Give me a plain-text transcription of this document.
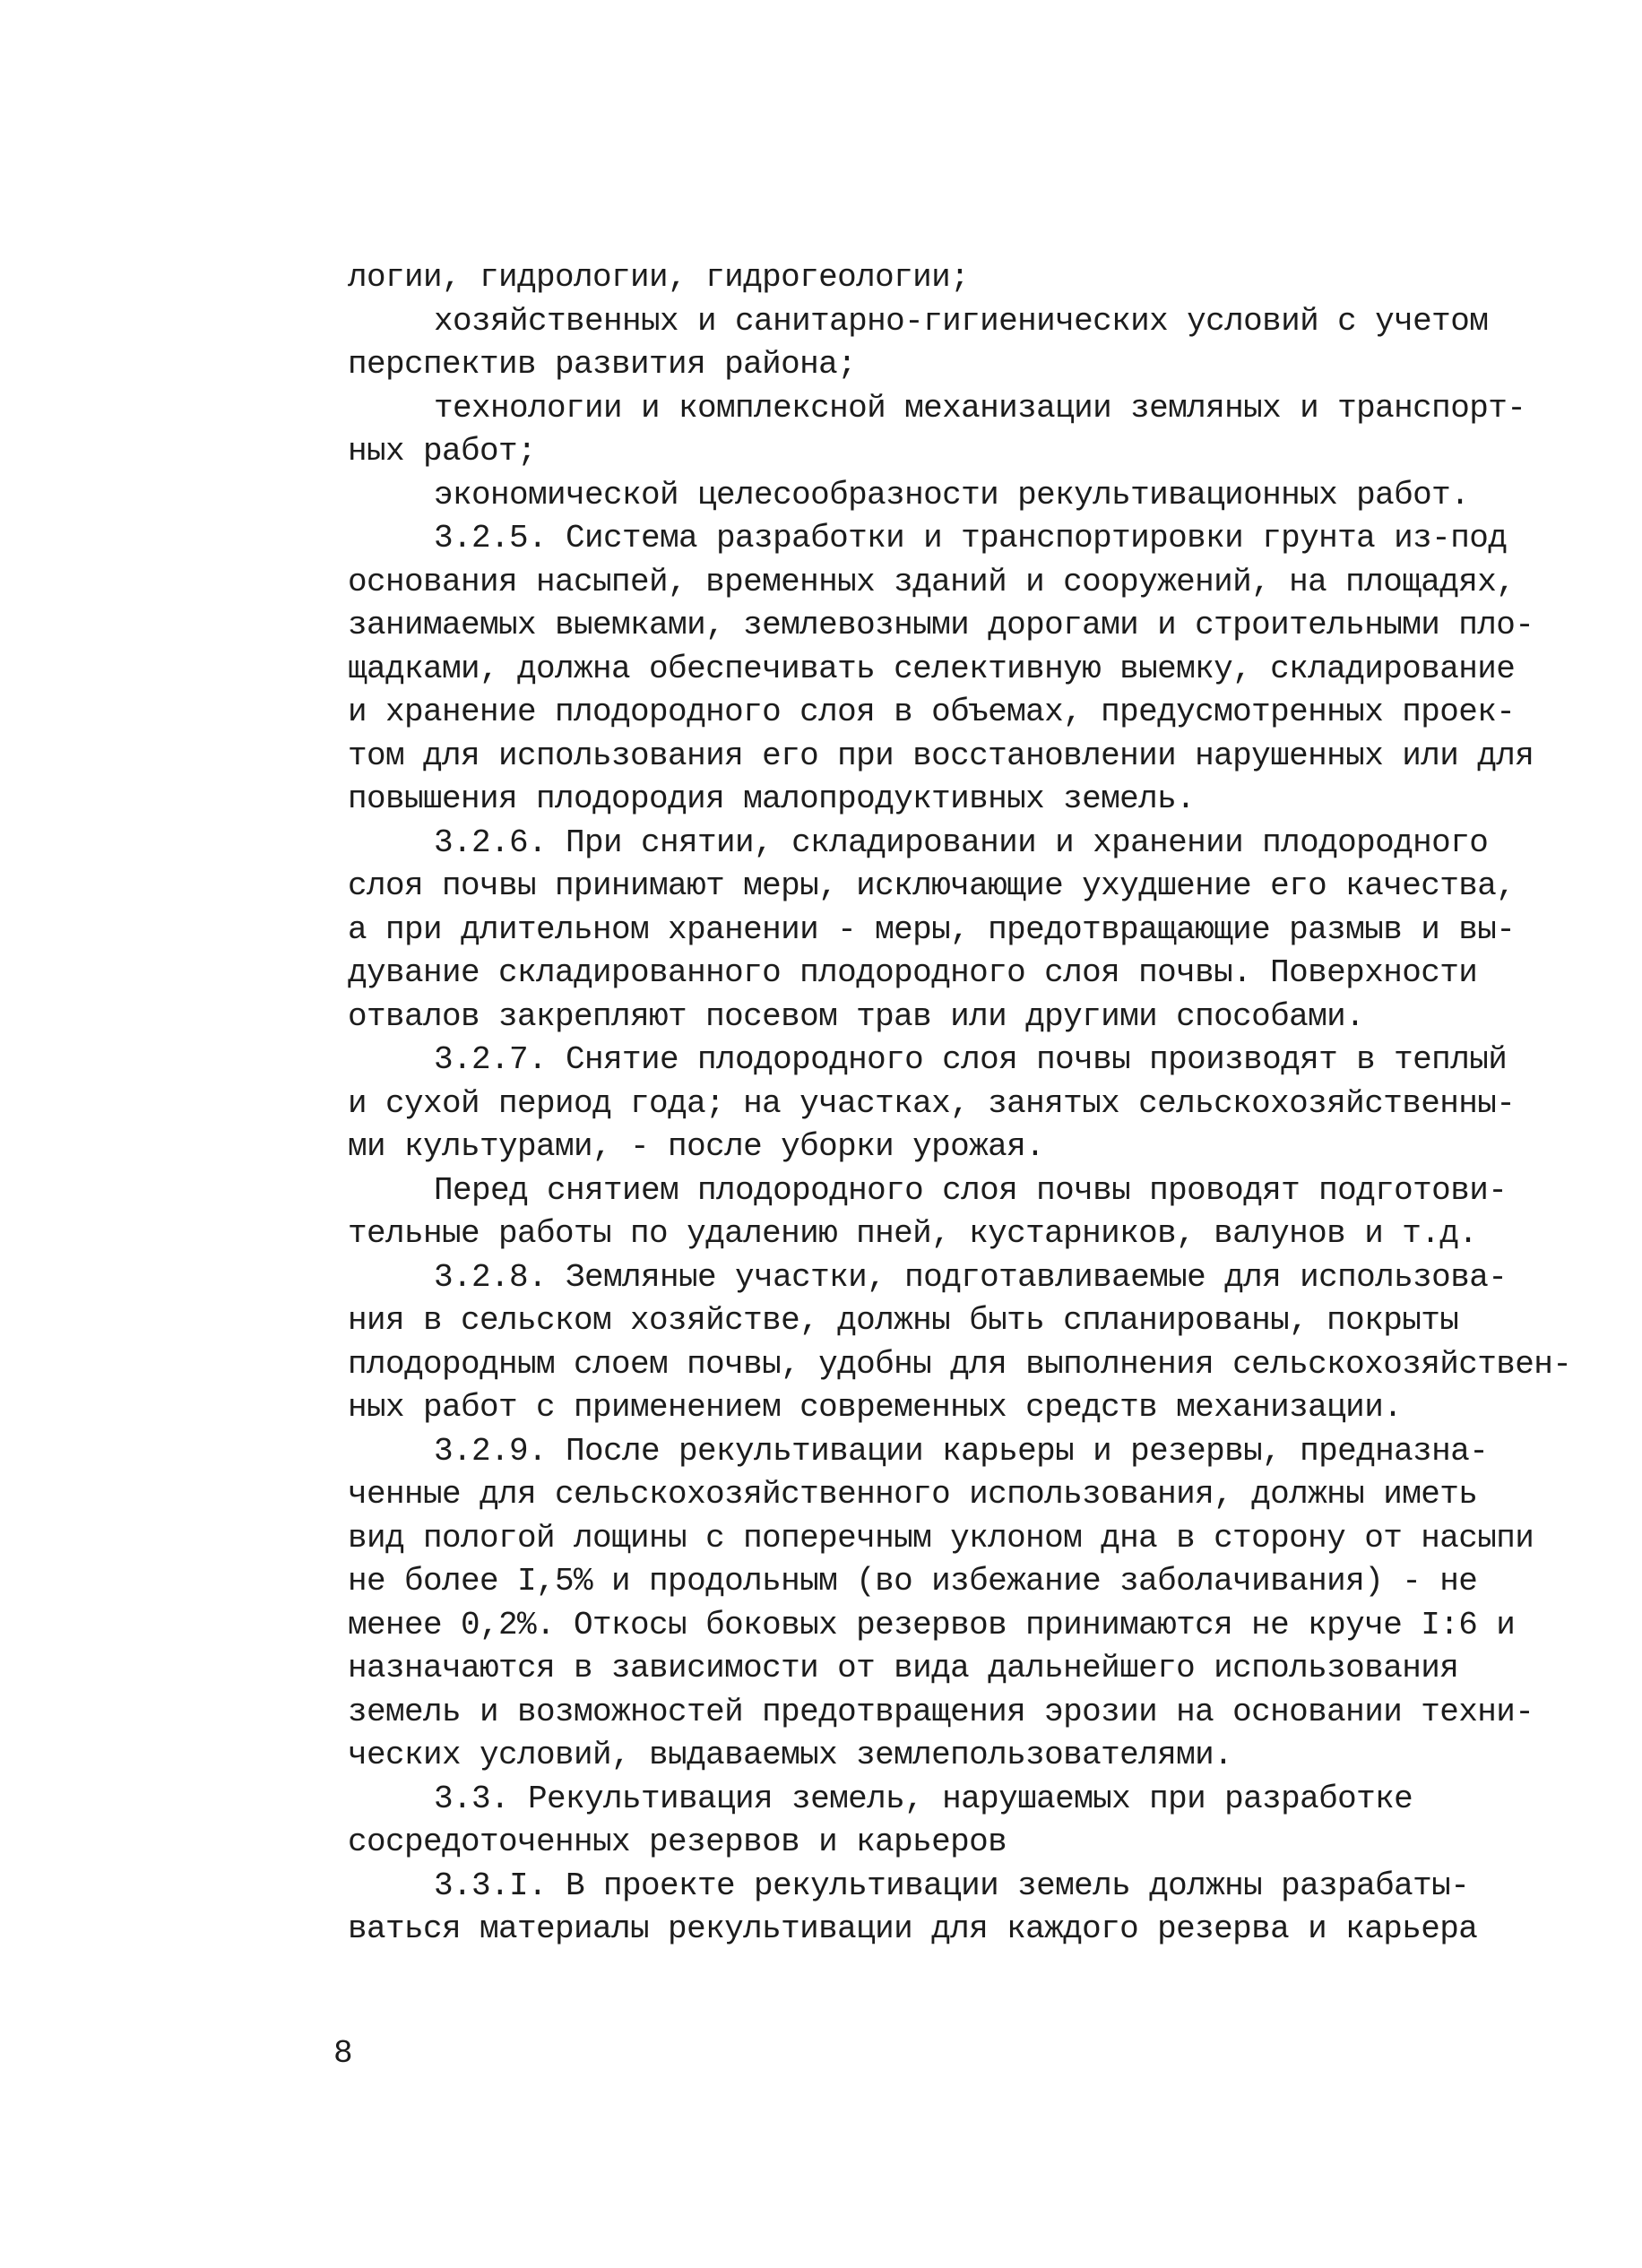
логии, гидрологии, гидрогеологии;
хозяйственных и санитарно-гигиенических условий с учетом
перспектив развития района;
технологии и комплексной механизации земляных и транспорт-
ных работ;
экономической целесообразности рекультивационных работ.
3.2.5. Система разработки и транспортировки грунта из-под
основания насыпей, временных зданий и сооружений, на площадях,
занимаемых выемками, землевозными дорогами и строительными пло-
щадками, должна обеспечивать селективную выемку, складирование
и хранение плодородного слоя в объемах, предусмотренных проек-
том для использования его при восстановлении нарушенных или для
повышения плодородия малопродуктивных земель.
3.2.6. При снятии, складировании и хранении плодородного
слоя почвы принимают меры, исключающие ухудшение его качества,
а при длительном хранении - меры, предотвращающие размыв и вы-
дувание складированного плодородного слоя почвы. Поверхности
отвалов закрепляют посевом трав или другими способами.
3.2.7. Снятие плодородного слоя почвы производят в теплый
и сухой период года; на участках, занятых сельскохозяйственны-
ми культурами, - после уборки урожая.
Перед снятием плодородного слоя почвы проводят подготови-
тельные работы по удалению пней, кустарников, валунов и т.д.
3.2.8. Земляные участки, подготавливаемые для использова-
ния в сельском хозяйстве, должны быть спланированы, покрыты
плодородным слоем почвы, удобны для выполнения сельскохозяйствен-
ных работ с применением современных средств механизации.
3.2.9. После рекультивации карьеры и резервы, предназна-
ченные для сельскохозяйственного использования, должны иметь
вид пологой лощины с поперечным уклоном дна в сторону от насыпи
не более I,5% и продольным (во избежание заболачивания) - не
менее 0,2%. Откосы боковых резервов принимаются не круче I:6 и
назначаются в зависимости от вида дальнейшего использования
земель и возможностей предотвращения эрозии на основании техни-
ческих условий, выдаваемых землепользователями.
3.3. Рекультивация земель, нарушаемых при разработке
сосредоточенных резервов и карьеров
3.3.I. В проекте рекультивации земель должны разрабаты-
ваться материалы рекультивации для каждого резерва и карьера
8
